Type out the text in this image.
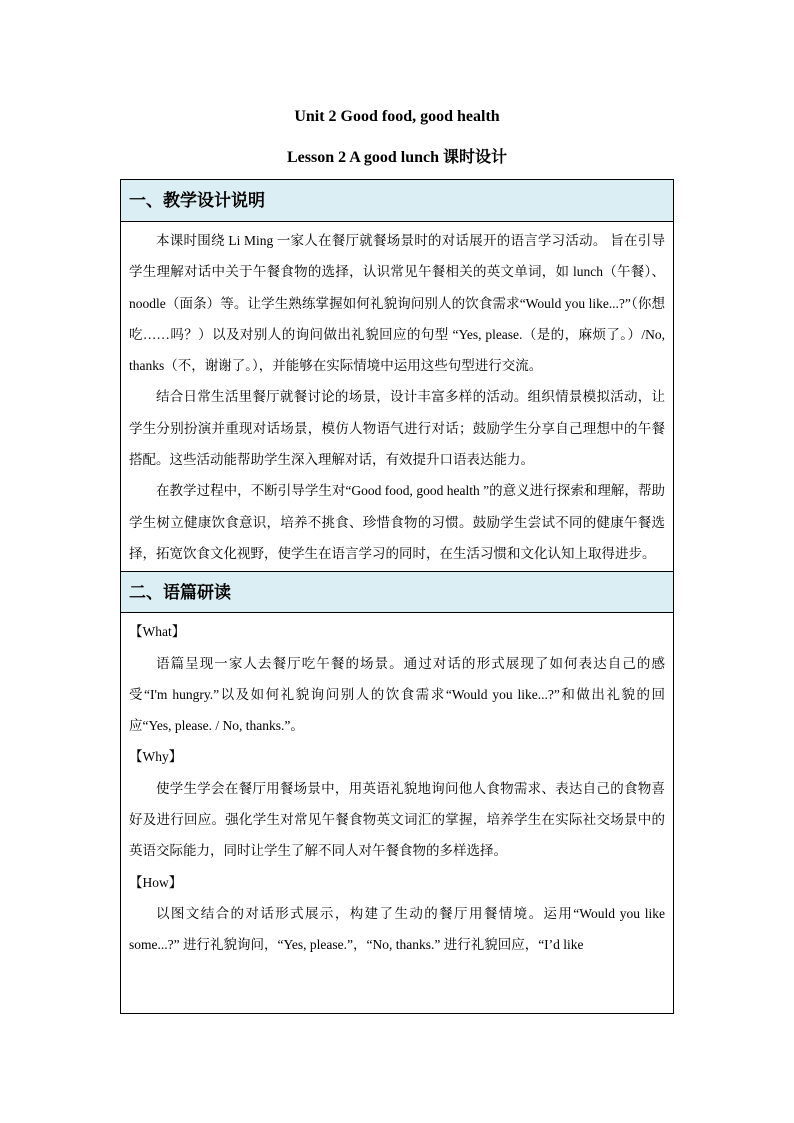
Unit 2 Good food, good health
Lesson 2 A good lunch 课时设计
一、教学设计说明

本课时围绕 Li Ming 一家人在餐厅就餐场景时的对话展开的语言学习活动。 旨在引导学生理解对话中关于午餐食物的选择，认识常见午餐相关的英文单词，如 lunch（午餐）、noodle（面条）等。让学生熟练掌握如何礼貌询问别人的饮食需求“Would you like...?”（你想吃……吗？）以及对别人的询问做出礼貌回应的句型 “Yes, please.（是的，麻烦了。）/No, thanks（不，谢谢了。），并能够在实际情境中运用这些句型进行交流。

结合日常生活里餐厅就餐讨论的场景，设计丰富多样的活动。组织情景模拟活动，让学生分别扮演并重现对话场景，模仿人物语气进行对话；鼓励学生分享自己理想中的午餐搭配。这些活动能帮助学生深入理解对话，有效提升口语表达能力。

在教学过程中，不断引导学生对“Good food, good health ”的意义进行探索和理解，帮助学生树立健康饮食意识，培养不挑食、珍惜食物的习惯。鼓励学生尝试不同的健康午餐选择，拓宽饮食文化视野，使学生在语言学习的同时，在生活习惯和文化认知上取得进步。

二、语篇研读
【What】

语篇呈现一家人去餐厅吃午餐的场景。通过对话的形式展现了如何表达自己的感受“I'm hungry.”以及如何礼貌询问别人的饮食需求“Would you like...?”和做出礼貌的回应“Yes, please. / No, thanks.”。

【Why】

使学生学会在餐厅用餐场景中，用英语礼貌地询问他人食物需求、表达自己的食物喜好及进行回应。强化学生对常见午餐食物英文词汇的掌握，培养学生在实际社交场景中的英语交际能力，同时让学生了解不同人对午餐食物的多样选择。

【How】

以图文结合的对话形式展示，构建了生动的餐厅用餐情境。运用“Would you like some...?” 进行礼貌询问，“Yes, please.”，“No, thanks.” 进行礼貌回应，“I’d like
